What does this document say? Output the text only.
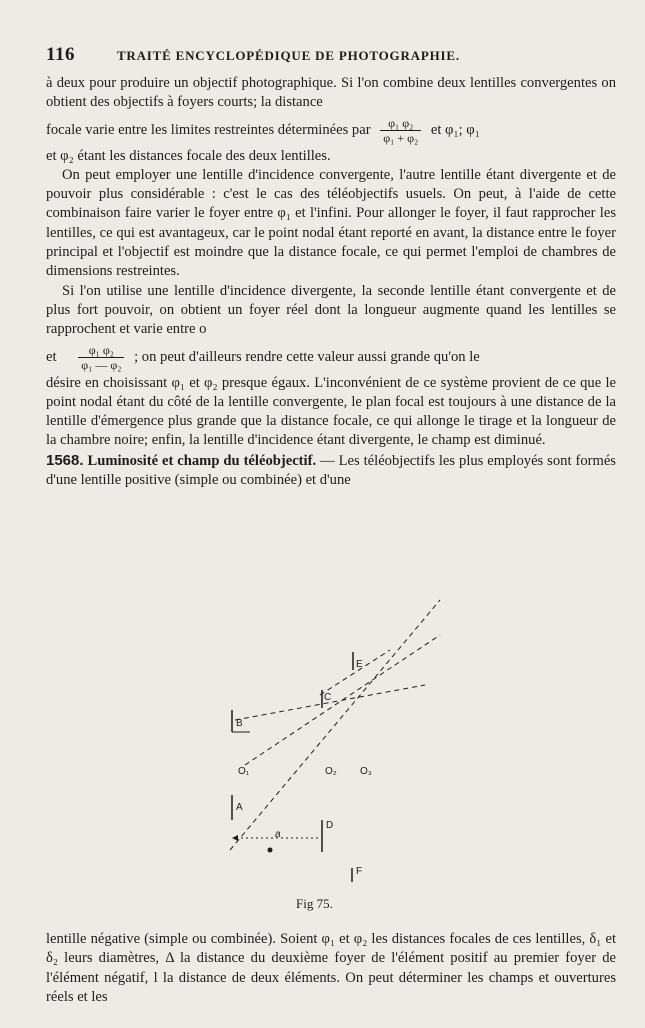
116	TRAITÉ ENCYCLOPÉDIQUE DE PHOTOGRAPHIE.

à deux pour produire un objectif photographique. Si l'on combine deux lentilles convergentes on obtient des objectifs à foyers courts; la distance

focale varie entre les limites restreintes déterminées par $\frac{\text{φ₁ φ₂}}{\text{φ₁ + φ₂}}$ et φ₁; φ₁

et φ₂ étant les distances focale des deux lentilles.

On peut employer une lentille d'incidence convergente, l'autre lentille étant divergente et de pouvoir plus considérable : c'est le cas des téléobjectifs usuels. On peut, à l'aide de cette combinaison faire varier le foyer entre φ₁ et l'infini. Pour allonger le foyer, il faut rapprocher les lentilles, ce qui est avantageux, car le point nodal étant reporté en avant, la distance entre le foyer principal et l'objectif est moindre que la distance focale, ce qui permet l'emploi de chambres de dimensions restreintes.

Si l'on utilise une lentille d'incidence divergente, la seconde lentille étant convergente et de plus fort pouvoir, on obtient un foyer réel dont la longueur augmente quand les lentilles se rapprochent et varie entre o

et $\frac{\text{φ₁ φ₂}}{\text{φ₁ — φ₂}}$ ; on peut d'ailleurs rendre cette valeur aussi grande qu'on le

désire en choisissant φ₁ et φ₂ presque égaux. L'inconvénient de ce système provient de ce que le point nodal étant du côté de la lentille convergente, le plan focal est toujours à une distance de la lentille d'émergence plus grande que la distance focale, ce qui allonge le tirage et la longueur de la chambre noire; enfin, la lentille d'incidence étant divergente, le champ est diminué.

1568. Luminosité et champ du téléobjectif. — Les téléobjectifs les plus employés sont formés d'une lentille positive (simple ou combinée) et d'une

B
C
E
O₁	O₂ O₃
A
D
F
a
Fig 75.

lentille négative (simple ou combinée). Soient φ₁ et φ₂ les distances focales de ces lentilles, δ₁ et δ₂ leurs diamètres, Δ la distance du deuxième foyer de l'élément positif au premier foyer de l'élément négatif, l la distance de deux éléments. On peut déterminer les champs et ouvertures réels et les
